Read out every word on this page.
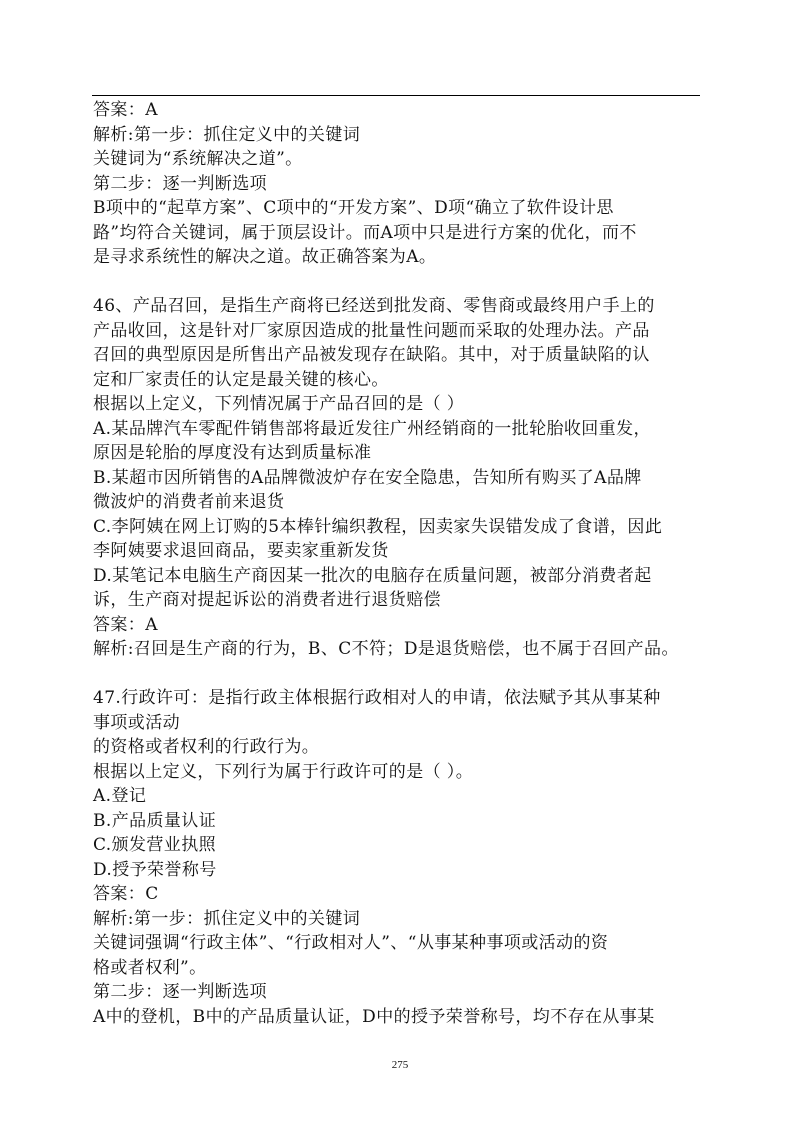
答案：A
解析:第一步：抓住定义中的关键词
关键词为“系统解决之道”。
第二步：逐一判断选项
B项中的“起草方案”、C项中的“开发方案”、D项“确立了软件设计思
路”均符合关键词，属于顶层设计。而A项中只是进行方案的优化，而不
是寻求系统性的解决之道。故正确答案为A。
46、产品召回，是指生产商将已经送到批发商、零售商或最终用户手上的
产品收回，这是针对厂家原因造成的批量性问题而采取的处理办法。产品
召回的典型原因是所售出产品被发现存在缺陷。其中，对于质量缺陷的认
定和厂家责任的认定是最关键的核心。
根据以上定义，下列情况属于产品召回的是（ ）
A.某品牌汽车零配件销售部将最近发往广州经销商的一批轮胎收回重发，
原因是轮胎的厚度没有达到质量标准
B.某超市因所销售的A品牌微波炉存在安全隐患，告知所有购买了A品牌
微波炉的消费者前来退货
C.李阿姨在网上订购的5本棒针编织教程，因卖家失误错发成了食谱，因此
李阿姨要求退回商品，要卖家重新发货
D.某笔记本电脑生产商因某一批次的电脑存在质量问题，被部分消费者起
诉，生产商对提起诉讼的消费者进行退货赔偿
答案：A
解析:召回是生产商的行为，B、C不符；D是退货赔偿，也不属于召回产品。
47.行政许可：是指行政主体根据行政相对人的申请，依法赋予其从事某种
事项或活动
的资格或者权利的行政行为。
根据以上定义，下列行为属于行政许可的是（ ）。
A.登记
B.产品质量认证
C.颁发营业执照
D.授予荣誉称号
答案：C
解析:第一步：抓住定义中的关键词
关键词强调“行政主体”、“行政相对人”、“从事某种事项或活动的资
格或者权利”。
第二步：逐一判断选项
A中的登机，B中的产品质量认证，D中的授予荣誉称号，均不存在从事某
275
